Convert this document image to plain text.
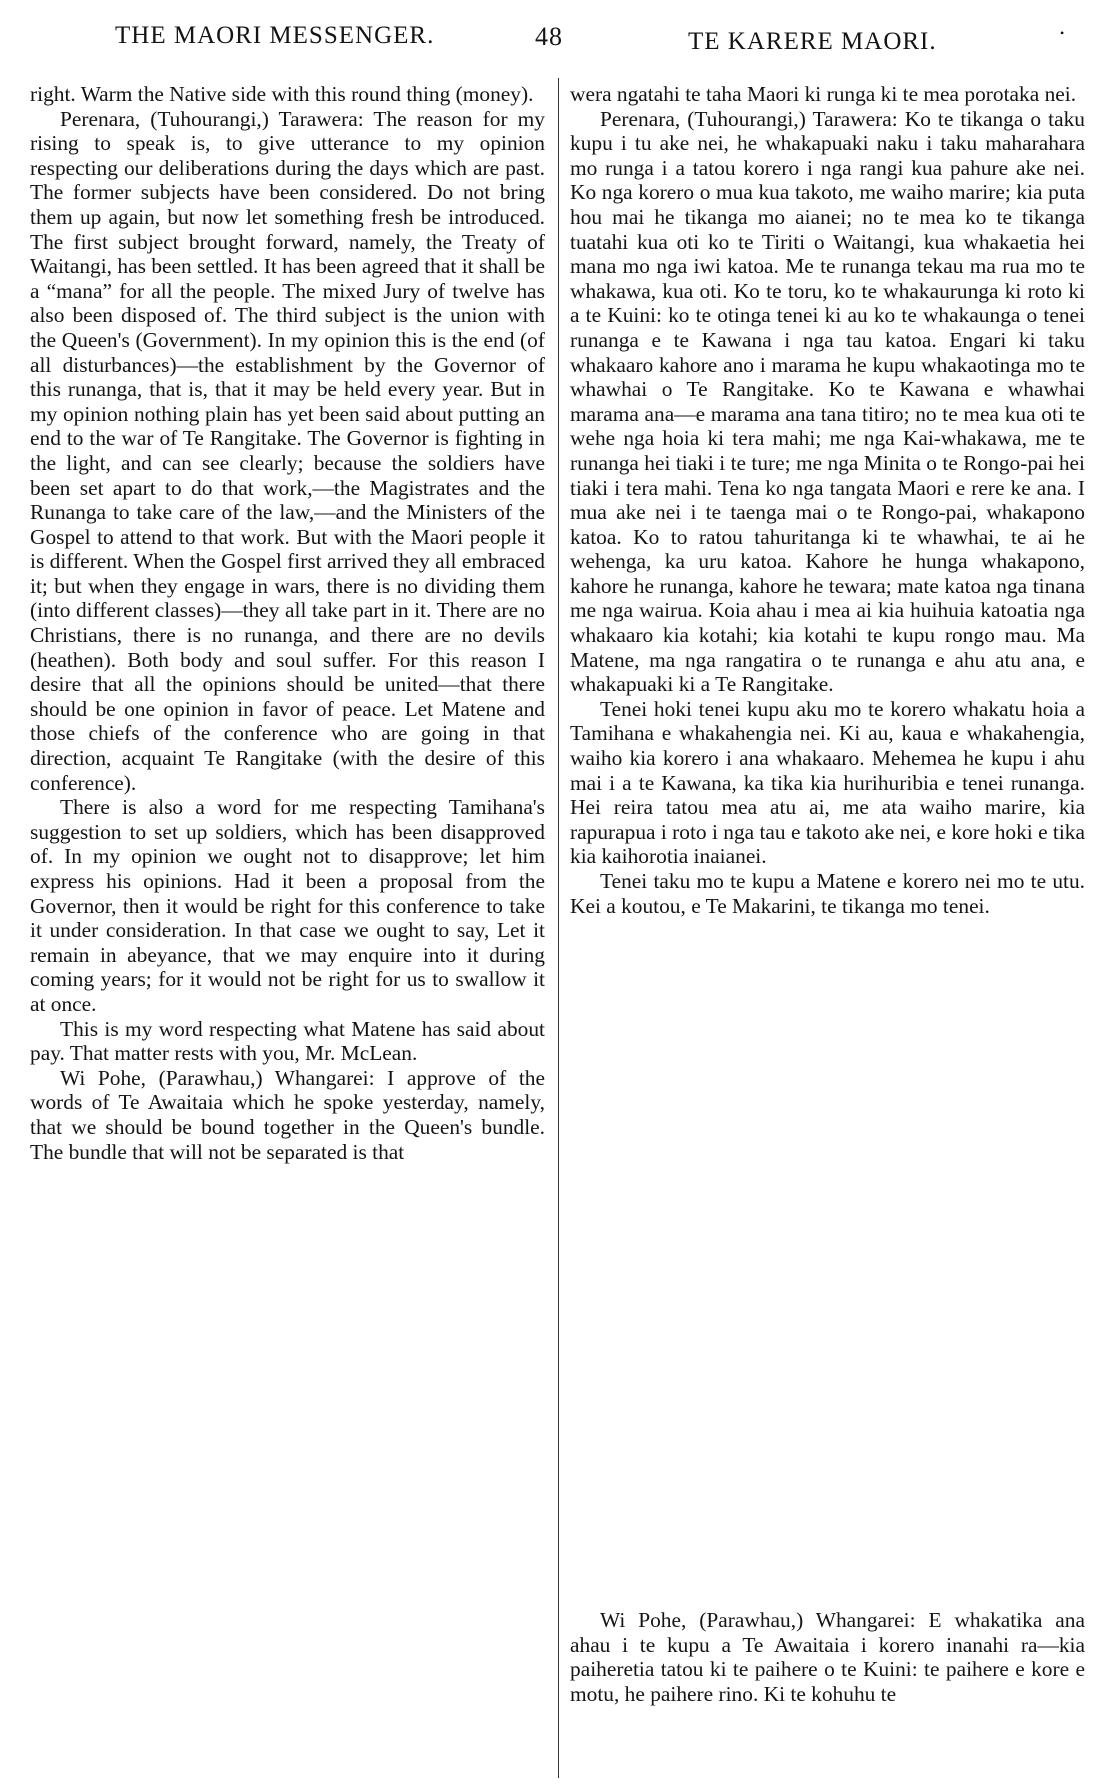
THE MAORI MESSENGER.	48	TE KARERE MAORI.	•

right. Warm the Native side with this round thing (money).

Perenara, (Tuhourangi,) Tarawera: The reason for my rising to speak is, to give utterance to my opinion respecting our deliberations during the days which are past. The former subjects have been considered. Do not bring them up again, but now let something fresh be introduced. The first subject brought forward, namely, the Treaty of Waitangi, has been settled. It has been agreed that it shall be a “mana” for all the people. The mixed Jury of twelve has also been disposed of. The third subject is the union with the Queen's (Government). In my opinion this is the end (of all disturbances)—the establishment by the Governor of this runanga, that is, that it may be held every year. But in my opinion nothing plain has yet been said about putting an end to the war of Te Rangitake. The Governor is fighting in the light, and can see clearly; because the soldiers have been set apart to do that work,—the Magistrates and the Runanga to take care of the law,—and the Ministers of the Gospel to attend to that work. But with the Maori people it is different. When the Gospel first arrived they all embraced it; but when they engage in wars, there is no dividing them (into different classes)—they all take part in it. There are no Christians, there is no runanga, and there are no devils (heathen). Both body and soul suffer. For this reason I desire that all the opinions should be united—that there should be one opinion in favor of peace. Let Matene and those chiefs of the conference who are going in that direction, acquaint Te Rangitake (with the desire of this conference).

There is also a word for me respecting Tamihana's suggestion to set up soldiers, which has been disapproved of. In my opinion we ought not to disapprove; let him express his opinions. Had it been a proposal from the Governor, then it would be right for this conference to take it under consideration. In that case we ought to say, Let it remain in abeyance, that we may enquire into it during coming years; for it would not be right for us to swallow it at once.

This is my word respecting what Matene has said about pay. That matter rests with you, Mr. McLean.

Wi Pohe, (Parawhau,) Whangarei: I approve of the words of Te Awaitaia which he spoke yesterday, namely, that we should be bound together in the Queen's bundle. The bundle that will not be separated is that

wera ngatahi te taha Maori ki runga ki te mea porotaka nei.

Perenara, (Tuhourangi,) Tarawera: Ko te tikanga o taku kupu i tu ake nei, he whakapuaki naku i taku maharahara mo runga i a tatou korero i nga rangi kua pahure ake nei. Ko nga korero o mua kua takoto, me waiho marire; kia puta hou mai he tikanga mo aianei; no te mea ko te tikanga tuatahi kua oti ko te Tiriti o Waitangi, kua whakaetia hei mana mo nga iwi katoa. Me te runanga tekau ma rua mo te whakawa, kua oti. Ko te toru, ko te whakaurunga ki roto ki a te Kuini: ko te otinga tenei ki au ko te whakaunga o tenei runanga e te Kawana i nga tau katoa. Engari ki taku whakaaro kahore ano i marama he kupu whakaotinga mo te whawhai o Te Rangitake. Ko te Kawana e whawhai marama ana—e marama ana tana titiro; no te mea kua oti te wehe nga hoia ki tera mahi; me nga Kai-whakawa, me te runanga hei tiaki i te ture; me nga Minita o te Rongo-pai hei tiaki i tera mahi. Tena ko nga tangata Maori e rere ke ana. I mua ake nei i te taenga mai o te Rongo-pai, whakapono katoa. Ko to ratou tahuritanga ki te whawhai, te ai he wehenga, ka uru katoa. Kahore he hunga whakapono, kahore he runanga, kahore he tewara; mate katoa nga tinana me nga wairua. Koia ahau i mea ai kia huihuia katoatia nga whakaaro kia kotahi; kia kotahi te kupu rongo mau. Ma Matene, ma nga rangatira o te runanga e ahu atu ana, e whakapuaki ki a Te Rangitake.

Tenei hoki tenei kupu aku mo te korero whakatu hoia a Tamihana e whakahengia nei. Ki au, kaua e whakahengia, waiho kia korero i ana whakaaro. Mehemea he kupu i ahu mai i a te Kawana, ka tika kia hurihuribia e tenei runanga. Hei reira tatou mea atu ai, me ata waiho marire, kia rapurapua i roto i nga tau e takoto ake nei, e kore hoki e tika kia kaihorotia inaianei.

Tenei taku mo te kupu a Matene e korero nei mo te utu. Kei a koutou, e Te Makarini, te tikanga mo tenei.

Wi Pohe, (Parawhau,) Whangarei: E whakatika ana ahau i te kupu a Te Awaitaia i korero inanahi ra—kia paiheretia tatou ki te paihere o te Kuini: te paihere e kore e motu, he paihere rino. Ki te kohuhu te
